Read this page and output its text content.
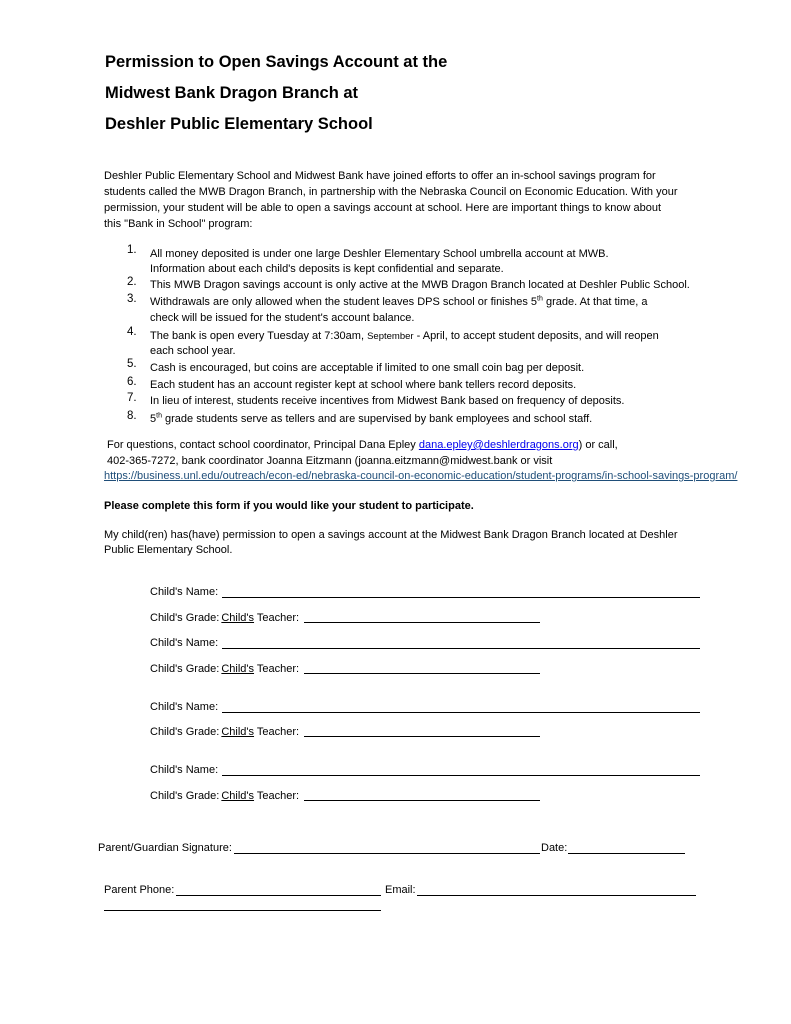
Permission to Open Savings Account at the
Midwest Bank Dragon Branch at
Deshler Public Elementary School
Deshler Public Elementary School and Midwest Bank have joined efforts to offer an in-school savings program for
students called the MWB Dragon Branch, in partnership with the Nebraska Council on Economic Education. With your
permission, your student will be able to open a savings account at school. Here are important things to know about
this "Bank in School" program:
1. All money deposited is under one large Deshler Elementary School umbrella account at MWB.
Information about each child's deposits is kept confidential and separate.
2. This MWB Dragon savings account is only active at the MWB Dragon Branch located at Deshler Public School.
3. Withdrawals are only allowed when the student leaves DPS school or finishes 5th grade. At that time, a
check will be issued for the student's account balance.
4. The bank is open every Tuesday at 7:30am, September - April, to accept student deposits, and will reopen
each school year.
5. Cash is encouraged, but coins are acceptable if limited to one small coin bag per deposit.
6. Each student has an account register kept at school where bank tellers record deposits.
7. In lieu of interest, students receive incentives from Midwest Bank based on frequency of deposits.
8. 5th grade students serve as tellers and are supervised by bank employees and school staff.
For questions, contact school coordinator, Principal Dana Epley dana.epley@deshlerdragons.org) or call,
402-365-7272, bank coordinator Joanna Eitzmann (joanna.eitzmann@midwest.bank or visit
https://business.unl.edu/outreach/econ-ed/nebraska-council-on-economic-education/student-programs/in-school-savings-program/
Please complete this form if you would like your student to participate.
My child(ren) has(have) permission to open a savings account at the Midwest Bank Dragon Branch located at Deshler
Public Elementary School.
Child's Name:
Child's Grade: Child's Teacher:
Child's Name:
Child's Grade: Child's Teacher:
Child's Name:
Child's Grade: Child's Teacher:
Child's Name:
Child's Grade: Child's Teacher:
Parent/Guardian Signature:	Date:
Parent Phone:	Email:
